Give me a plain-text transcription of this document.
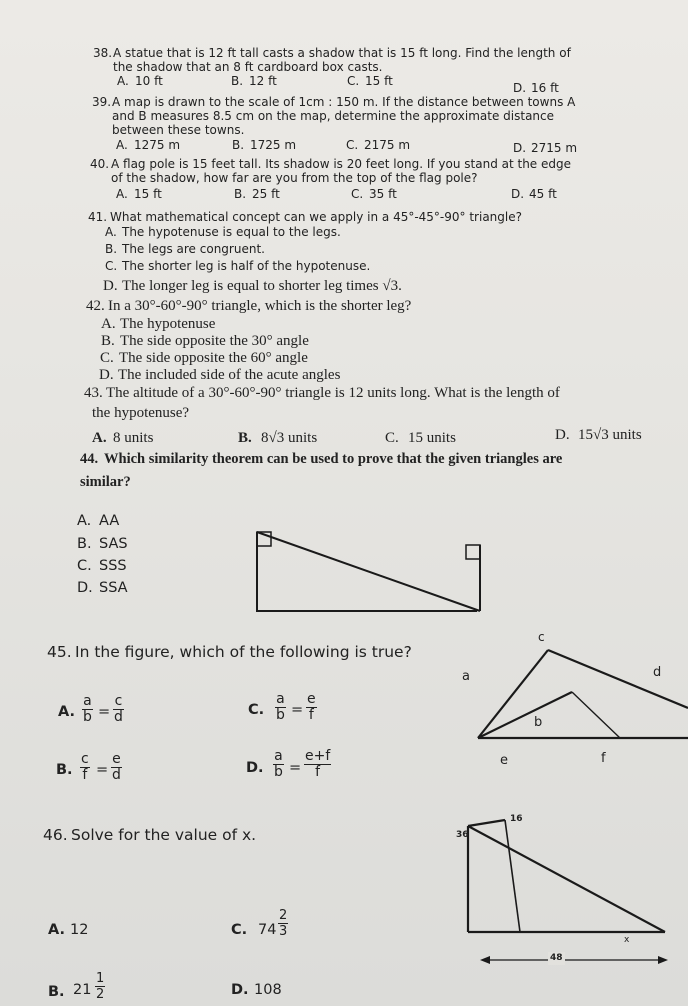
38. A statue that is 12 ft tall casts a shadow that is 15 ft long. Find the length of
the shadow that an 8 ft cardboard box casts.
A. 10 ft	B. 12 ft	C. 15 ft	D. 16 ft
39. A map is drawn to the scale of 1cm : 150 m. If the distance between towns A
and B measures 8.5 cm on the map, determine the approximate distance
between these towns.
A. 1275 m	B. 1725 m	C. 2175 m	D. 2715 m
40. A flag pole is 15 feet tall. Its shadow is 20 feet long. If you stand at the edge
of the shadow, how far are you from the top of the flag pole?
A. 15 ft	B. 25 ft	C. 35 ft	D. 45 ft
41. What mathematical concept can we apply in a 45°-45°-90° triangle?
A. The hypotenuse is equal to the legs.
B. The legs are congruent.
C. The shorter leg is half of the hypotenuse.
D. The longer leg is equal to shorter leg times √3.
42. In a 30°-60°-90° triangle, which is the shorter leg?
A. The hypotenuse
B. The side opposite the 30° angle
C. The side opposite the 60° angle
D. The included side of the acute angles
43. The altitude of a 30°-60°-90° triangle is 12 units long. What is the length of
the hypotenuse?
A. 8 units	B. 8√3 units	C. 15 units	D. 15√3 units
44. Which similarity theorem can be used to prove that the given triangles are
similar?
A. AA
B. SAS
C. SSS
D. SSA
45. In the figure, which of the following is true?
A. $\frac{a}{b} = \frac{c}{d}$	C. $\frac{a}{b} = \frac{e}{f}$
B. $\frac{c}{f} = \frac{e}{d}$	D. $\frac{a}{b} = \frac{e+f}{f}$
46. Solve for the value of x.
A. 12	C. $74 \frac{2}{3}$
B. $21 \frac{1}{2}$	D. 108
c
d
a
b
e	f
16
36
x
48
